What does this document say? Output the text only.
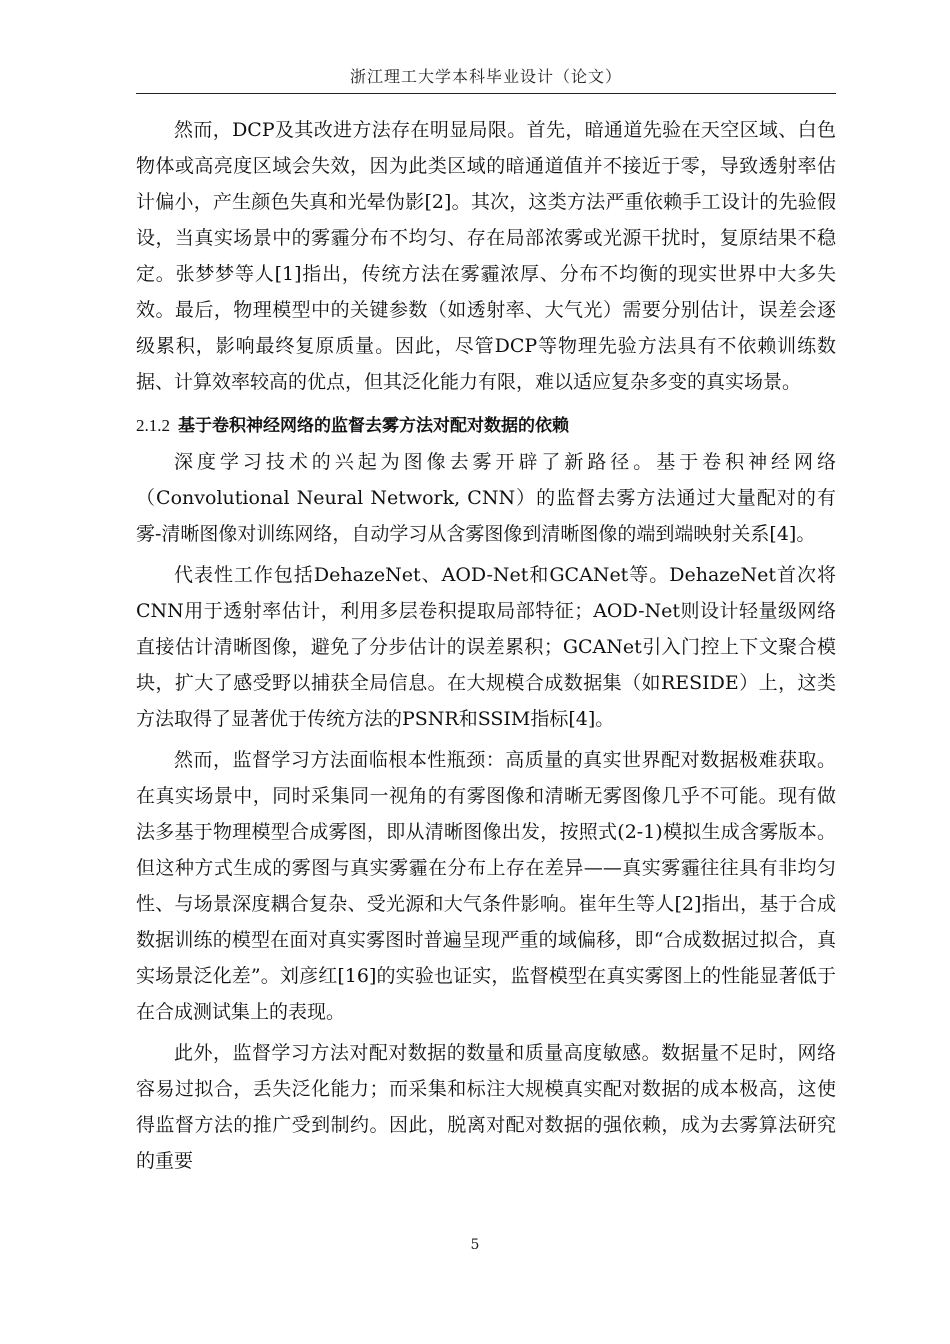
浙江理工大学本科毕业设计（论文）

然而，DCP及其改进方法存在明显局限。首先，暗通道先验在天空区域、白色物体或高亮度区域会失效，因为此类区域的暗通道值并不接近于零，导致透射率估计偏小，产生颜色失真和光晕伪影[2]。其次，这类方法严重依赖手工设计的先验假设，当真实场景中的雾霾分布不均匀、存在局部浓雾或光源干扰时，复原结果不稳定。张梦梦等人[1]指出，传统方法在雾霾浓厚、分布不均衡的现实世界中大多失效。最后，物理模型中的关键参数（如透射率、大气光）需要分别估计，误差会逐级累积，影响最终复原质量。因此，尽管DCP等物理先验方法具有不依赖训练数据、计算效率较高的优点，但其泛化能力有限，难以适应复杂多变的真实场景。

2.1.2 基于卷积神经网络的监督去雾方法对配对数据的依赖

深度学习技术的兴起为图像去雾开辟了新路径。基于卷积神经网络（Convolutional Neural Network, CNN）的监督去雾方法通过大量配对的有雾-清晰图像对训练网络，自动学习从含雾图像到清晰图像的端到端映射关系[4]。

代表性工作包括DehazeNet、AOD-Net和GCANet等。DehazeNet首次将CNN用于透射率估计，利用多层卷积提取局部特征；AOD-Net则设计轻量级网络直接估计清晰图像，避免了分步估计的误差累积；GCANet引入门控上下文聚合模块，扩大了感受野以捕获全局信息。在大规模合成数据集（如RESIDE）上，这类方法取得了显著优于传统方法的PSNR和SSIM指标[4]。

然而，监督学习方法面临根本性瓶颈：高质量的真实世界配对数据极难获取。在真实场景中，同时采集同一视角的有雾图像和清晰无雾图像几乎不可能。现有做法多基于物理模型合成雾图，即从清晰图像出发，按照式(2-1)模拟生成含雾版本。但这种方式生成的雾图与真实雾霾在分布上存在差异——真实雾霾往往具有非均匀性、与场景深度耦合复杂、受光源和大气条件影响。崔年生等人[2]指出，基于合成数据训练的模型在面对真实雾图时普遍呈现严重的域偏移，即“合成数据过拟合，真实场景泛化差”。刘彦红[16]的实验也证实，监督模型在真实雾图上的性能显著低于在合成测试集上的表现。

此外，监督学习方法对配对数据的数量和质量高度敏感。数据量不足时，网络容易过拟合，丢失泛化能力；而采集和标注大规模真实配对数据的成本极高，这使得监督方法的推广受到制约。因此，脱离对配对数据的强依赖，成为去雾算法研究的重要

5
